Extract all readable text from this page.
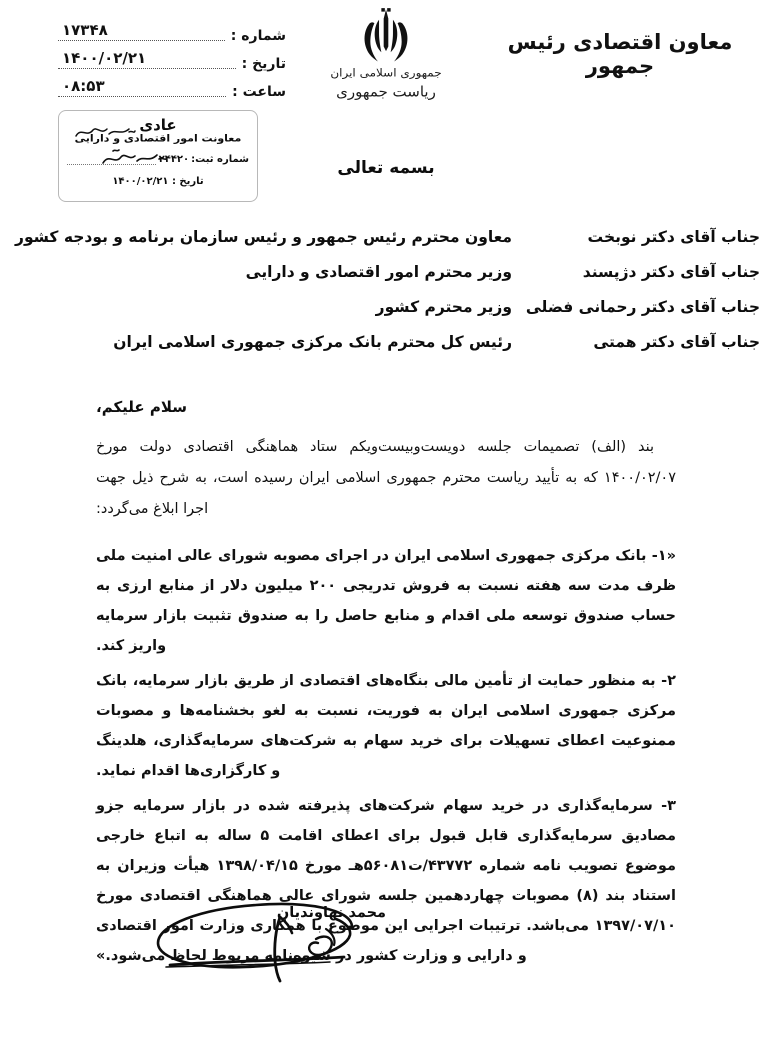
معاون اقتصادی رئیس جمهور
جمهوری اسلامی ایران
ریاست جمهوری
شماره :
۱۷۳۴۸
تاریخ :
۱۴۰۰/۰۲/۲۱
ساعت :
۰۸:۵۳
عادی
معاونت امور اقتصادی و دارایی
شماره ثبت:
۲۴۴۲۰
تاریخ : ۱۴۰۰/۰۲/۲۱
بسمه تعالی
جناب آقای دکتر نوبخت
معاون محترم رئیس جمهور و رئیس سازمان برنامه و بودجه کشور
جناب آقای دکتر دژپسند
وزیر محترم امور اقتصادی و دارایی
جناب آقای دکتر رحمانی فضلی
وزیر محترم کشور
جناب آقای دکتر همتی
رئیس کل محترم بانک مرکزی جمهوری اسلامی ایران
سلام علیکم،
بند (الف) تصمیمات جلسه دویست‌وبیست‌ویکم ستاد هماهنگی اقتصادی دولت مورخ ۱۴۰۰/۰۲/۰۷ که به تأیید ریاست محترم جمهوری اسلامی ایران رسیده است، به شرح ذیل جهت اجرا ابلاغ می‌گردد:
«۱- بانک مرکزی جمهوری اسلامی ایران در اجرای مصوبه شورای عالی امنیت ملی ظرف مدت سه هفته نسبت به فروش تدریجی ۲۰۰ میلیون دلار از منابع ارزی به حساب صندوق توسعه ملی اقدام و منابع حاصل را به صندوق تثبیت بازار سرمایه واریز کند.
۲- به منظور حمایت از تأمین مالی بنگاه‌های اقتصادی از طریق بازار سرمایه، بانک مرکزی جمهوری اسلامی ایران به فوریت، نسبت به لغو بخشنامه‌ها و مصوبات ممنوعیت اعطای تسهیلات برای خرید سهام به شرکت‌های سرمایه‌گذاری، هلدینگ و کارگزاری‌ها اقدام نماید.
۳- سرمایه‌گذاری در خرید سهام شرکت‌های پذیرفته شده در بازار سرمایه جزو مصادیق سرمایه‌گذاری قابل قبول برای اعطای اقامت ۵ ساله به اتباع خارجی موضوع تصویب نامه شماره ۴۳۷۷۲/ت۵۶۰۸۱هـ مورخ ۱۳۹۸/۰۴/۱۵ هیأت وزیران به استناد بند (۸) مصوبات چهاردهمین جلسه شورای عالی هماهنگی اقتصادی مورخ ۱۳۹۷/۰۷/۱۰ می‌باشد. ترتیبات اجرایی این موضوع با همکاری وزارت امور اقتصادی و دارایی و وزارت کشور در شیوه‌نامه مربوط لحاظ می‌شود.»
محمد نهاوندیان
